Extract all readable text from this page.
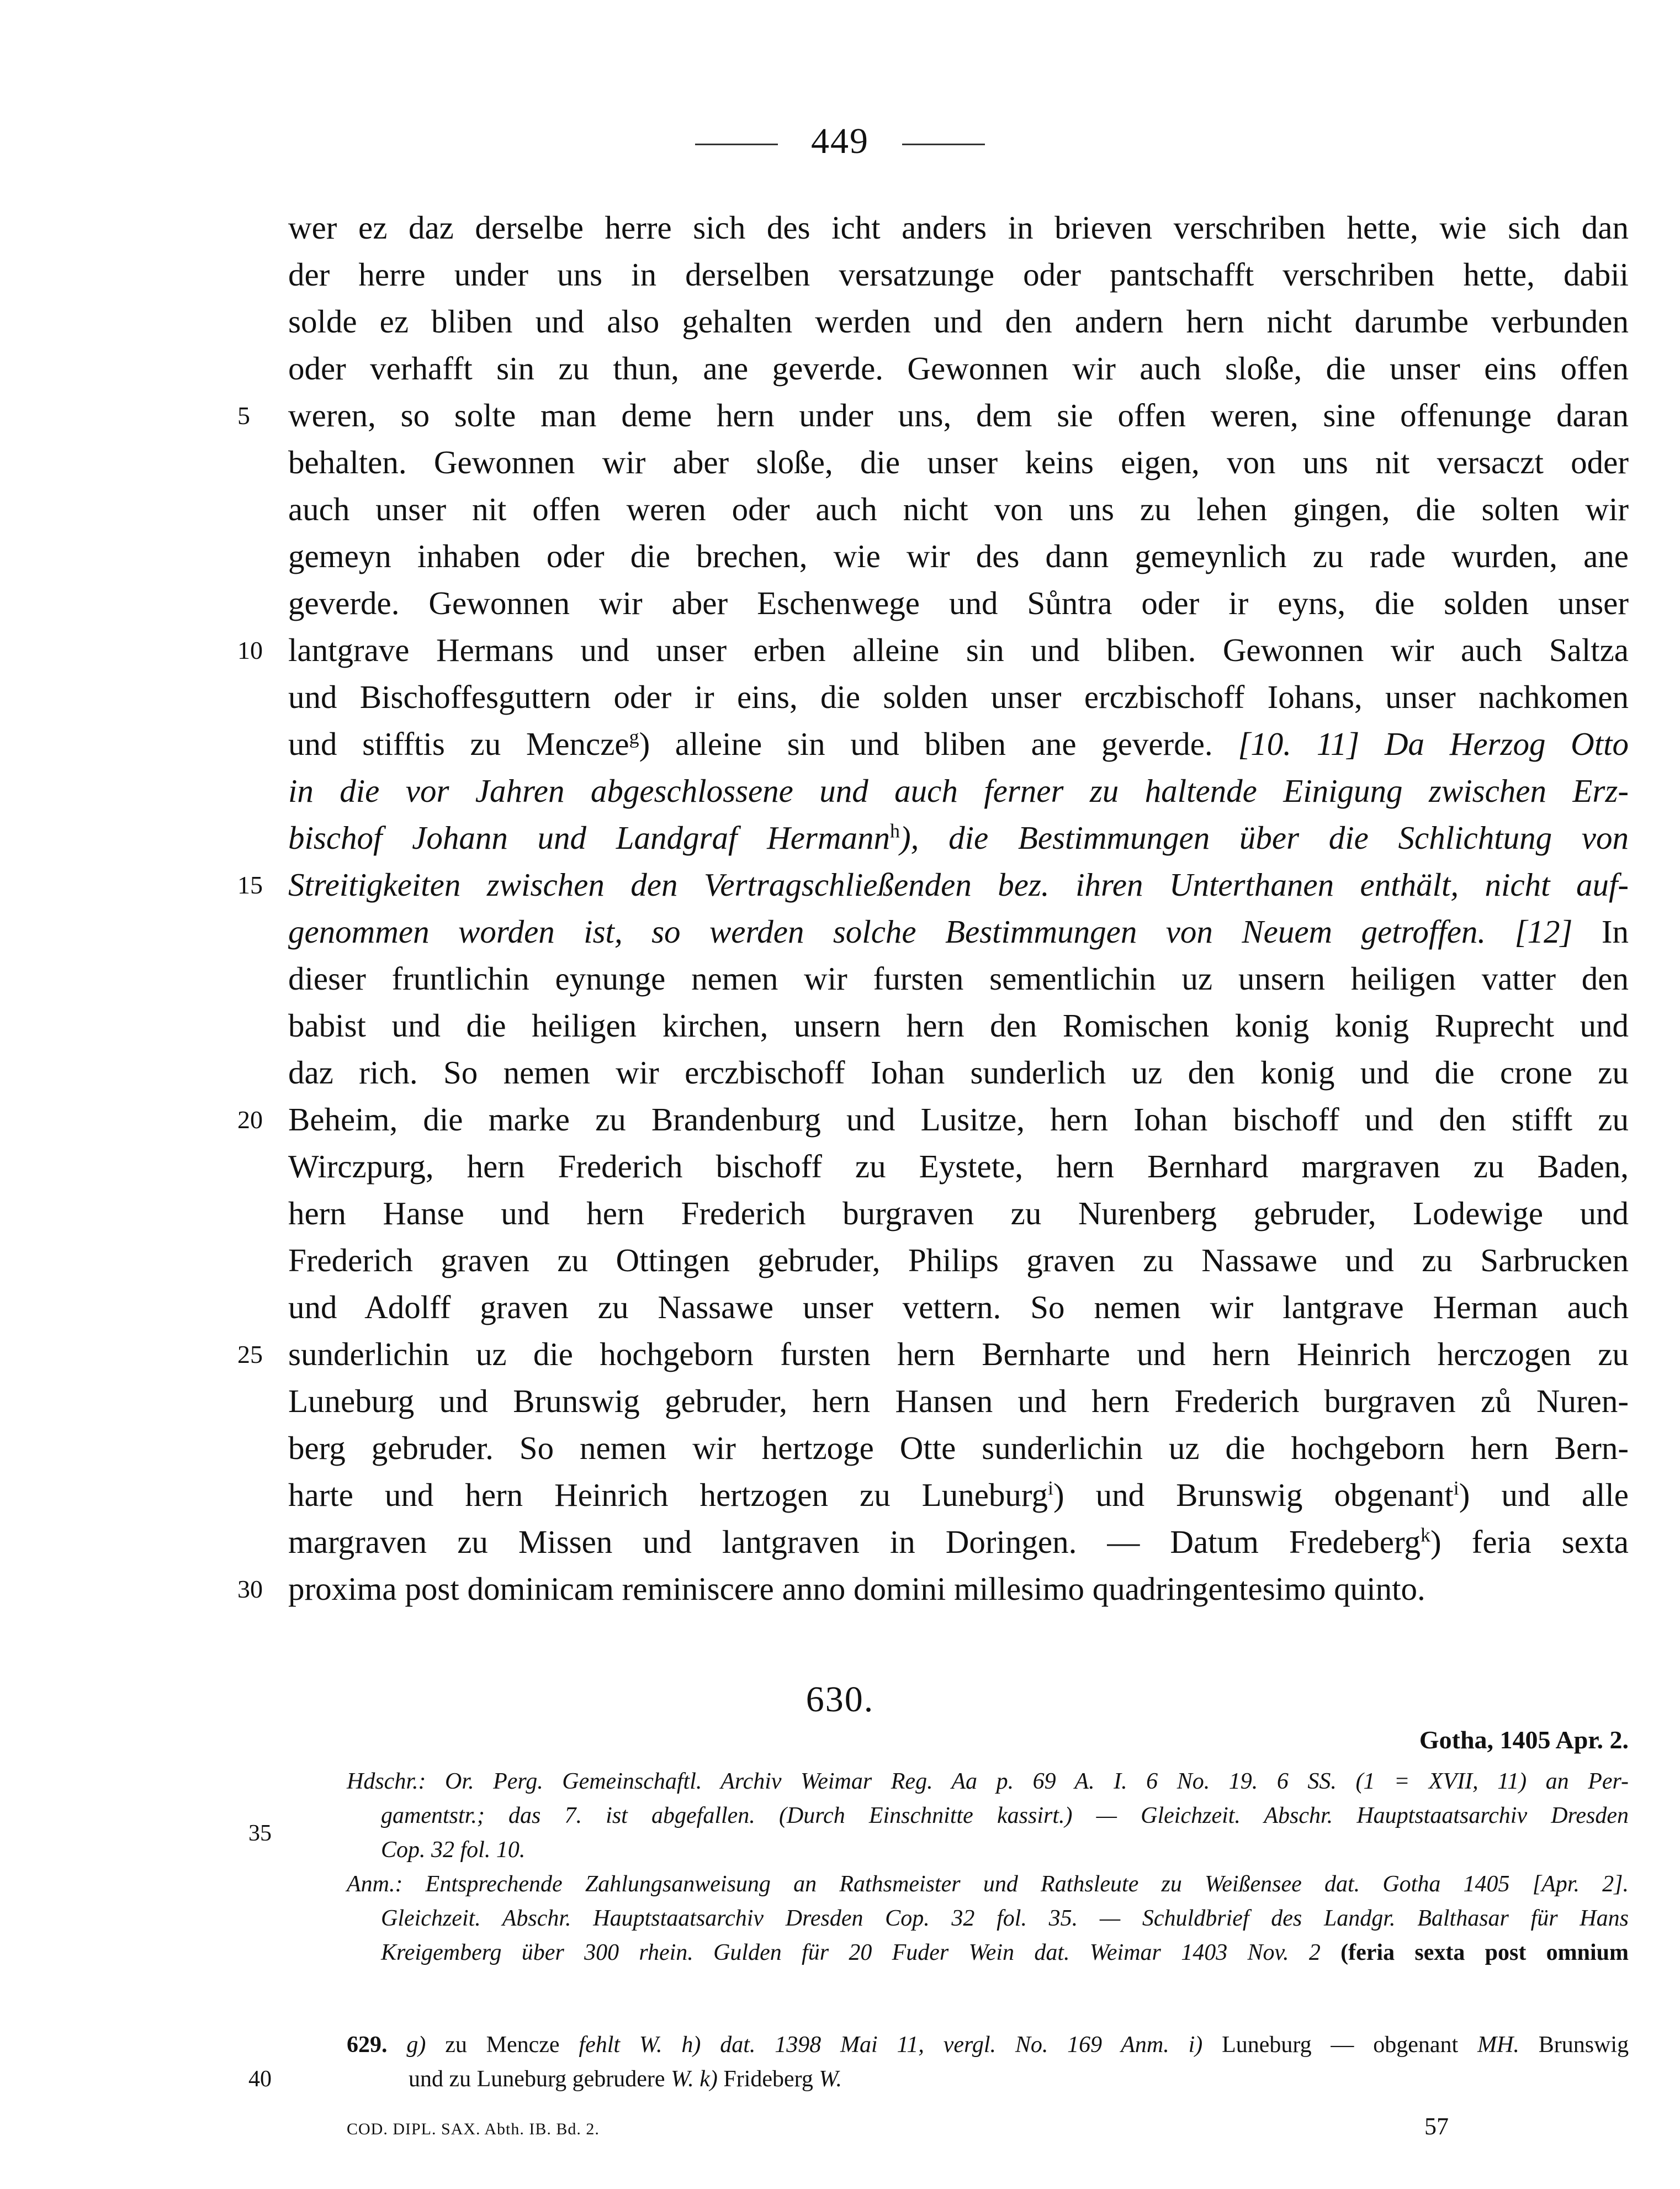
449
wer ez daz derselbe herre sich des icht anders in brieven verschriben hette, wie sich dan
der herre under uns in derselben versatzunge oder pantschafft verschriben hette, dabii
solde ez bliben und also gehalten werden und den andern hern nicht darumbe verbunden
oder verhafft sin zu thun, ane geverde. Gewonnen wir auch sloße, die unser eins offen
weren, so solte man deme hern under uns, dem sie offen weren, sine offenunge daran
behalten. Gewonnen wir aber sloße, die unser keins eigen, von uns nit versaczt oder
auch unser nit offen weren oder auch nicht von uns zu lehen gingen, die solten wir
gemeyn inhaben oder die brechen, wie wir des dann gemeynlich zu rade wurden, ane
geverde. Gewonnen wir aber Eschenwege und Sůntra oder ir eyns, die solden unser
lantgrave Hermans und unser erben alleine sin und bliben. Gewonnen wir auch Saltza
und Bischoffesguttern oder ir eins, die solden unser erczbischoff Iohans, unser nachkomen
und stifftis zu Mencze$^g$) alleine sin und bliben ane geverde. [10. 11] Da Herzog Otto
in die vor Jahren abgeschlossene und auch ferner zu haltende Einigung zwischen Erz-
bischof Johann und Landgraf Hermann$^h$), die Bestimmungen über die Schlichtung von
Streitigkeiten zwischen den Vertragschließenden bez. ihren Unterthanen enthält, nicht auf-
genommen worden ist, so werden solche Bestimmungen von Neuem getroffen. [12] In
dieser fruntlichin eynunge nemen wir fursten sementlichin uz unsern heiligen vatter den
babist und die heiligen kirchen, unsern hern den Romischen konig konig Ruprecht und
daz rich. So nemen wir erczbischoff Iohan sunderlich uz den konig und die crone zu
Beheim, die marke zu Brandenburg und Lusitze, hern Iohan bischoff und den stifft zu
Wirczpurg, hern Frederich bischoff zu Eystete, hern Bernhard margraven zu Baden,
hern Hanse und hern Frederich burgraven zu Nurenberg gebruder, Lodewige und
Frederich graven zu Ottingen gebruder, Philips graven zu Nassawe und zu Sarbrucken
und Adolff graven zu Nassawe unser vettern. So nemen wir lantgrave Herman auch
sunderlichin uz die hochgeborn fursten hern Bernharte und hern Heinrich herczogen zu
Luneburg und Brunswig gebruder, hern Hansen und hern Frederich burgraven zů Nuren-
berg gebruder. So nemen wir hertzoge Otte sunderlichin uz die hochgeborn hern Bern-
harte und hern Heinrich hertzogen zu Luneburg$^i$) und Brunswig obgenant$^i$) und alle
margraven zu Missen und lantgraven in Doringen. — Datum Fredeberg$^k$) feria sexta
proxima post dominicam reminiscere anno domini millesimo quadringentesimo quinto.
5
10
15
20
25
30
630.
Gotha, 1405 Apr. 2.
Hdschr.: Or. Perg. Gemeinschaftl. Archiv Weimar Reg. Aa p. 69 A. I. 6 No. 19. 6 SS. (1 = XVII, 11) an Per-
gamentstr.; das 7. ist abgefallen. (Durch Einschnitte kassirt.) — Gleichzeit. Abschr. Hauptstaatsarchiv Dresden
Cop. 32 fol. 10.
35
Anm.: Entsprechende Zahlungsanweisung an Rathsmeister und Rathsleute zu Weißensee dat. Gotha 1405 [Apr. 2].
Gleichzeit. Abschr. Hauptstaatsarchiv Dresden Cop. 32 fol. 35. — Schuldbrief des Landgr. Balthasar für Hans
Kreigemberg über 300 rhein. Gulden für 20 Fuder Wein dat. Weimar 1403 Nov. 2 (feria sexta post omnium
629. g) zu Mencze fehlt W. h) dat. 1398 Mai 11, vergl. No. 169 Anm. i) Luneburg — obgenant MH. Brunswig
und zu Luneburg gebrudere W. k) Frideberg W.
40
COD. DIPL. SAX. Abth. IB. Bd. 2.	57
